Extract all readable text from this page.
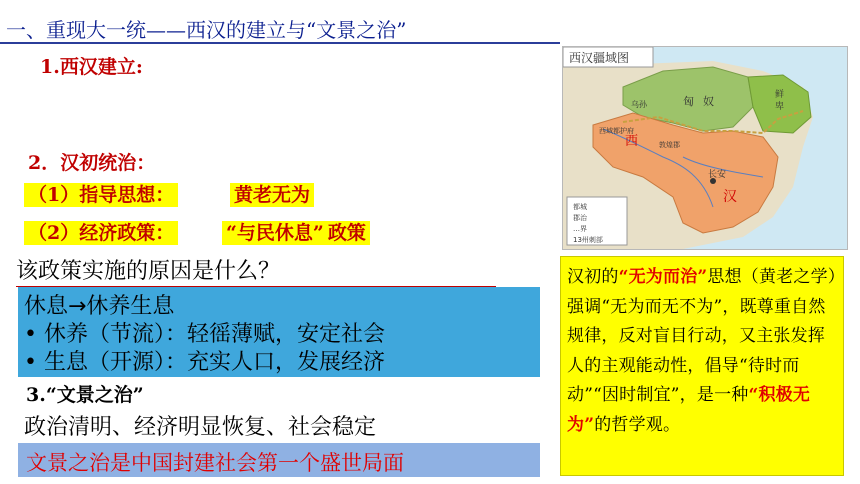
一、重现大一统——西汉的建立与“文景之治”
1.西汉建立:
2．汉初统治：
（1）指导思想：	黄老无为
（2）经济政策：	“与民休息” 政策
该政策实施的原因是什么？
休息→休养生息
• 休养（节流）：轻徭薄赋，安定社会
• 生息（开源）：充实人口，发展经济
3.“文景之治”
政治清明、经济明显恢复、社会稳定
文景之治是中国封建社会第一个盛世局面
西汉疆域图
匈 奴	鲜
卑
乌孙
西域都护府
敦煌郡
西
汉
长安
都城
郡治
…界
13州刺部

汉初的“无为而治”思想（黄老之学）强调“无为而无不为”，既尊重自然规律，反对盲目行动，又主张发挥人的主观能动性，倡导“待时而动”“因时制宜”，是一种“积极无为”的哲学观。
